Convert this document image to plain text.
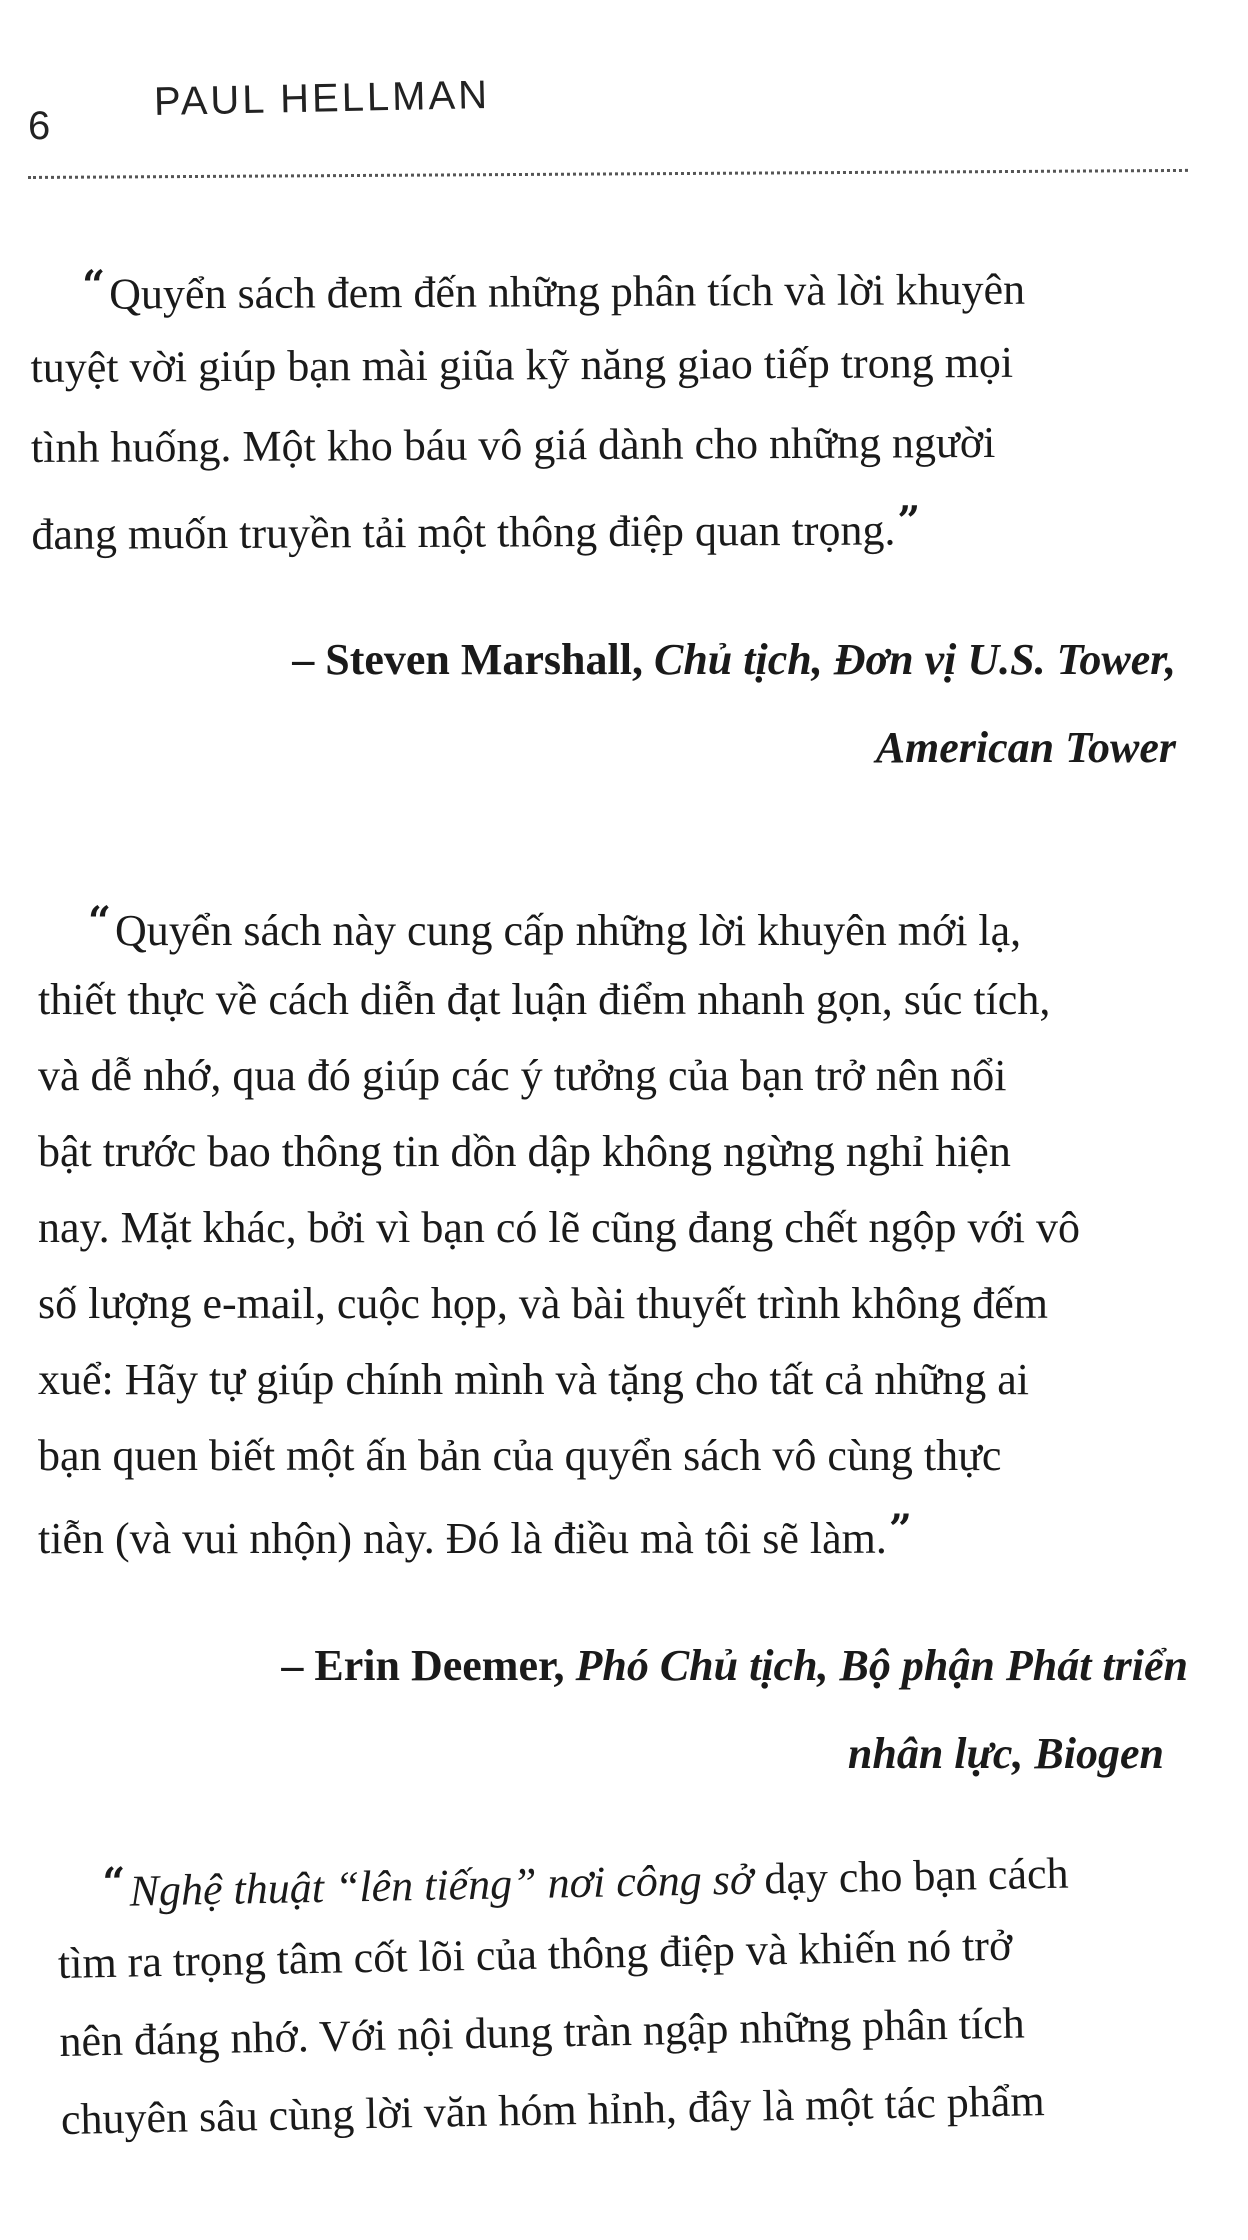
6
PAUL HELLMAN
“Quyển sách đem đến những phân tích và lời khuyên
tuyệt vời giúp bạn mài giũa kỹ năng giao tiếp trong mọi
tình huống. Một kho báu vô giá dành cho những người
đang muốn truyền tải một thông điệp quan trọng.”
– Steven Marshall, Chủ tịch, Đơn vị U.S. Tower,
American Tower
“Quyển sách này cung cấp những lời khuyên mới lạ,
thiết thực về cách diễn đạt luận điểm nhanh gọn, súc tích,
và dễ nhớ, qua đó giúp các ý tưởng của bạn trở nên nổi
bật trước bao thông tin dồn dập không ngừng nghỉ hiện
nay. Mặt khác, bởi vì bạn có lẽ cũng đang chết ngộp với vô
số lượng e-mail, cuộc họp, và bài thuyết trình không đếm
xuể: Hãy tự giúp chính mình và tặng cho tất cả những ai
bạn quen biết một ấn bản của quyển sách vô cùng thực
tiễn (và vui nhộn) này. Đó là điều mà tôi sẽ làm.”
– Erin Deemer, Phó Chủ tịch, Bộ phận Phát triển
nhân lực, Biogen
“Nghệ thuật “lên tiếng” nơi công sở dạy cho bạn cách
tìm ra trọng tâm cốt lõi của thông điệp và khiến nó trở
nên đáng nhớ. Với nội dung tràn ngập những phân tích
chuyên sâu cùng lời văn hóm hỉnh, đây là một tác phẩm
